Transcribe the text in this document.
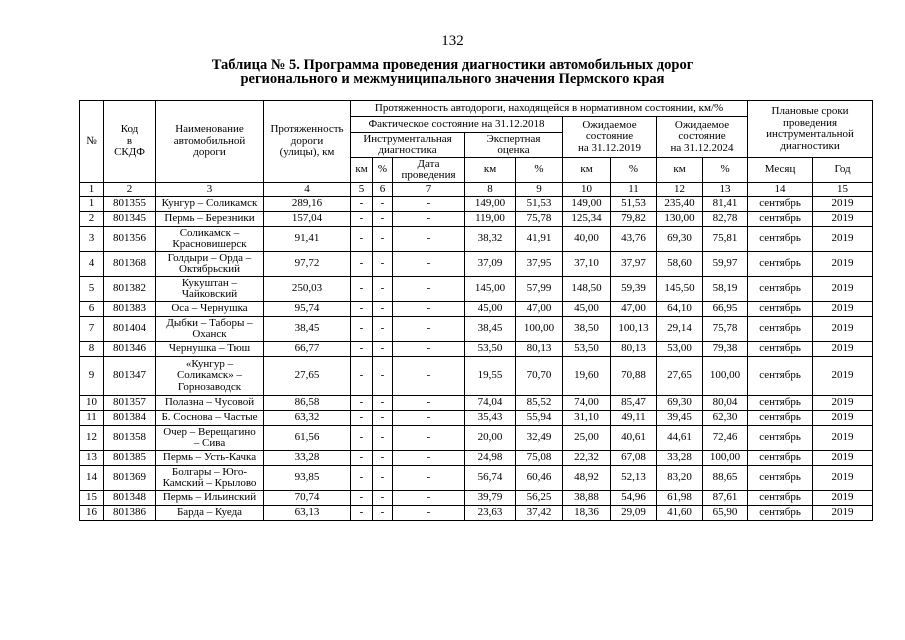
132
Таблица № 5. Программа проведения диагностики автомобильных дорог
регионального и межмуниципального значения Пермского края
№	Код
в
СКДФ	Наименование
автомобильной
дороги	Протяженность
дороги
(улицы), км	Протяженность автодороги, находящейся в нормативном состоянии, км/%									Плановые сроки
проведения
инструментальной
диагностики	
				Фактическое состояние на 31.12.2018					Ожидаемое
состояние
на 31.12.2019		Ожидаемое
состояние
на 31.12.2024			
				Инструментальная
диагностика			Экспертная
оценка							
				км	%	Дата
проведения	км	%	км	%	км	%	Месяц	Год
1	2	3	4	5	6	7	8	9	10	11	12	13	14	15
1	801355	Кунгур – Соликамск	289,16	-	-	-	149,00	51,53	149,00	51,53	235,40	81,41	сентябрь	2019
2	801345	Пермь – Березники	157,04	-	-	-	119,00	75,78	125,34	79,82	130,00	82,78	сентябрь	2019
3	801356	Соликамск –
Красновишерск	91,41	-	-	-	38,32	41,91	40,00	43,76	69,30	75,81	сентябрь	2019
4	801368	Голдыри – Орда –
Октябрьский	97,72	-	-	-	37,09	37,95	37,10	37,97	58,60	59,97	сентябрь	2019
5	801382	Кукуштан –
Чайковский	250,03	-	-	-	145,00	57,99	148,50	59,39	145,50	58,19	сентябрь	2019
6	801383	Оса – Чернушка	95,74	-	-	-	45,00	47,00	45,00	47,00	64,10	66,95	сентябрь	2019
7	801404	Дыбки – Таборы –
Оханск	38,45	-	-	-	38,45	100,00	38,50	100,13	29,14	75,78	сентябрь	2019
8	801346	Чернушка – Тюш	66,77	-	-	-	53,50	80,13	53,50	80,13	53,00	79,38	сентябрь	2019
9	801347	«Кунгур –
Соликамск» –
Горнозаводск	27,65	-	-	-	19,55	70,70	19,60	70,88	27,65	100,00	сентябрь	2019
10	801357	Полазна – Чусовой	86,58	-	-	-	74,04	85,52	74,00	85,47	69,30	80,04	сентябрь	2019
11	801384	Б. Соснова – Частые	63,32	-	-	-	35,43	55,94	31,10	49,11	39,45	62,30	сентябрь	2019
12	801358	Очер – Верещагино
– Сива	61,56	-	-	-	20,00	32,49	25,00	40,61	44,61	72,46	сентябрь	2019
13	801385	Пермь – Усть-Качка	33,28	-	-	-	24,98	75,08	22,32	67,08	33,28	100,00	сентябрь	2019
14	801369	Болгары – Юго-
Камский – Крылово	93,85	-	-	-	56,74	60,46	48,92	52,13	83,20	88,65	сентябрь	2019
15	801348	Пермь – Ильинский	70,74	-	-	-	39,79	56,25	38,88	54,96	61,98	87,61	сентябрь	2019
16	801386	Барда – Куеда	63,13	-	-	-	23,63	37,42	18,36	29,09	41,60	65,90	сентябрь	2019
